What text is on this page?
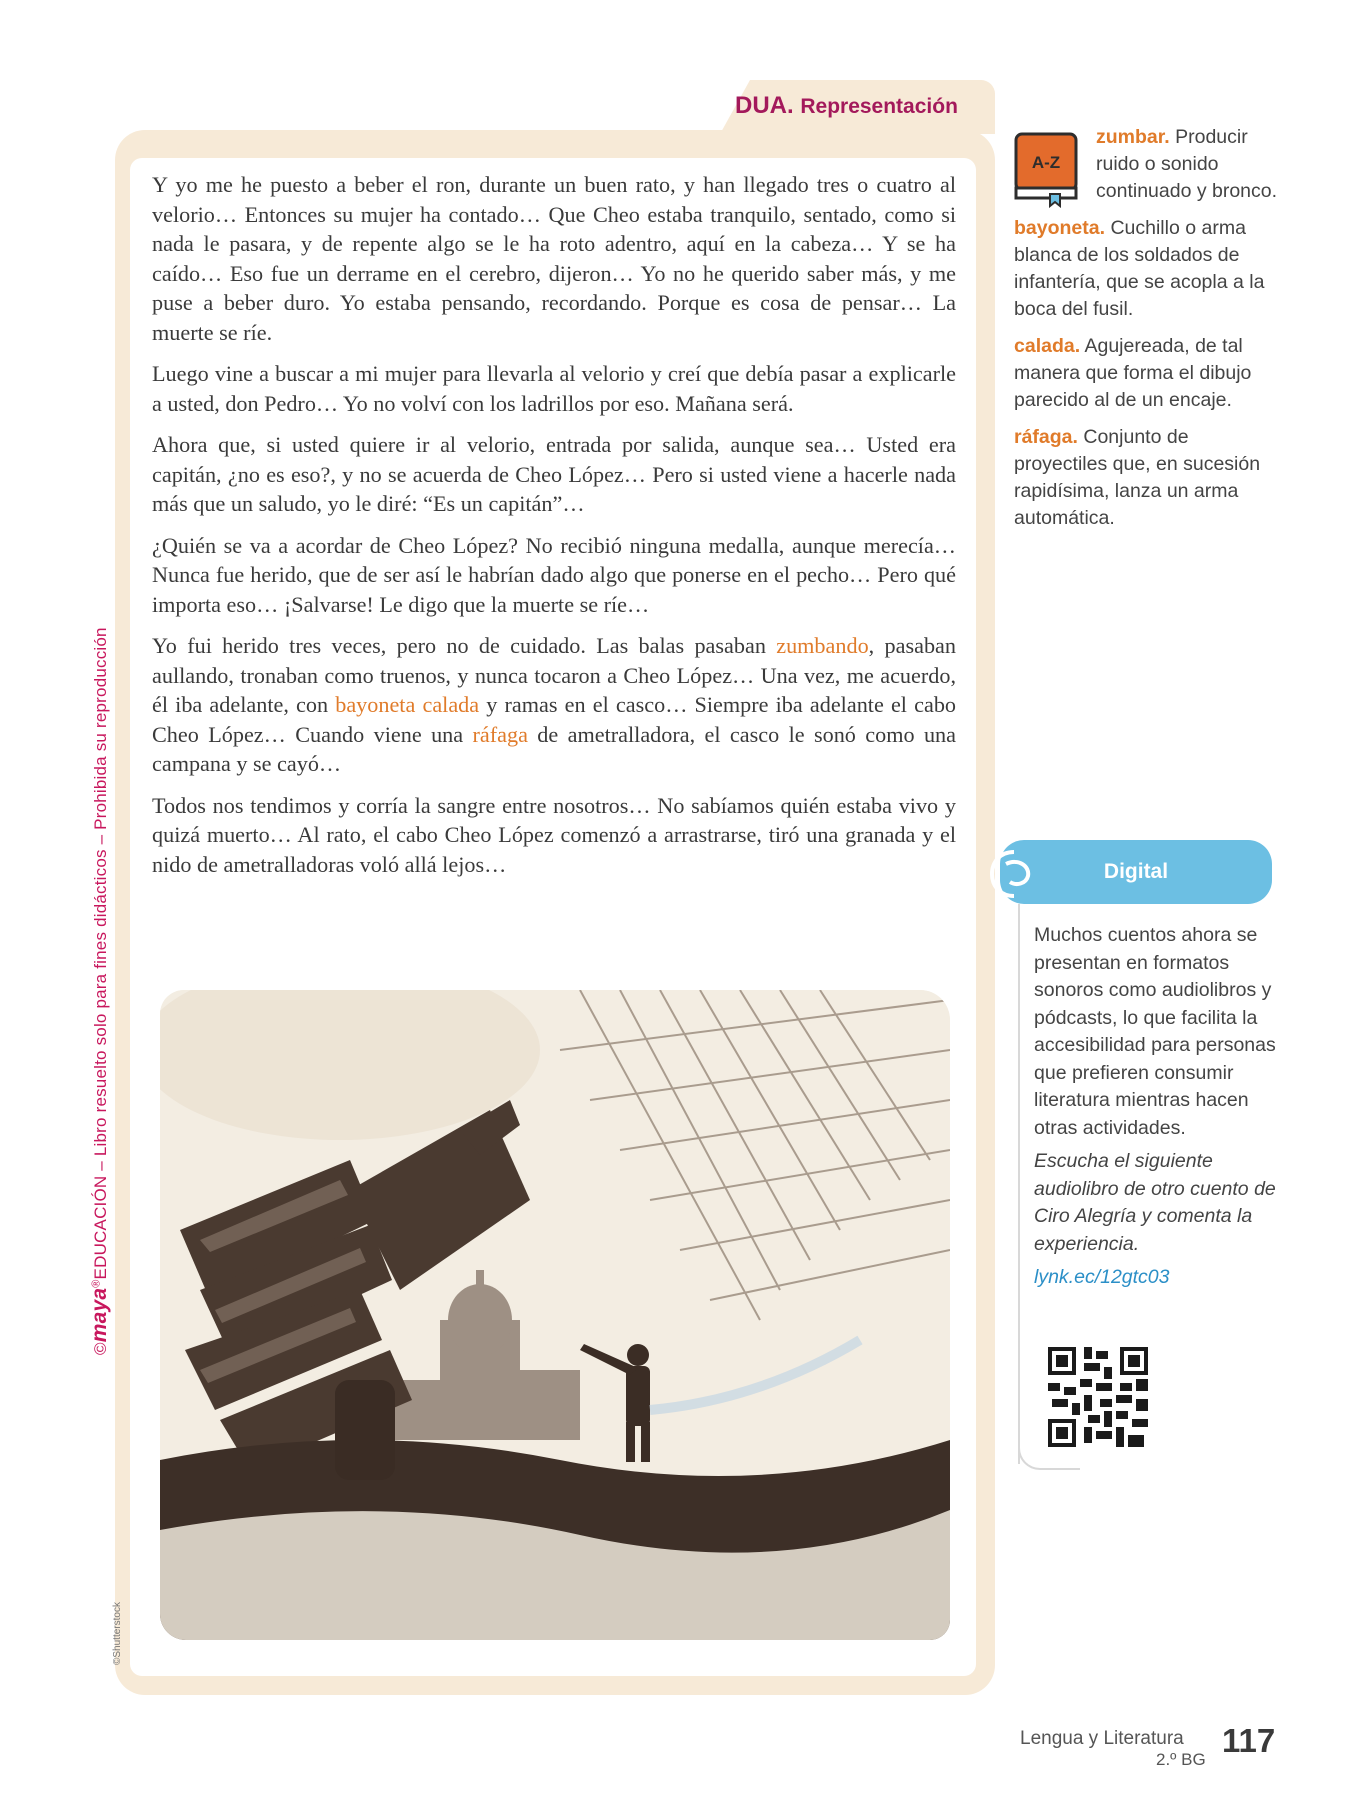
©maya®EDUCACIÓN – Libro resuelto solo para fines didácticos – Prohibida su reproducción
DUA. Representación

Y yo me he puesto a beber el ron, durante un buen rato, y han llegado tres o cuatro al velorio… Entonces su mujer ha contado… Que Cheo estaba tranquilo, sentado, como si nada le pasara, y de repente algo se le ha roto adentro, aquí en la cabeza… Y se ha caído… Eso fue un derrame en el cerebro, dijeron… Yo no he querido saber más, y me puse a beber duro. Yo estaba pensando, recordando. Porque es cosa de pensar… La muerte se ríe.

Luego vine a buscar a mi mujer para llevarla al velorio y creí que debía pasar a explicarle a usted, don Pedro… Yo no volví con los ladrillos por eso. Mañana será.

Ahora que, si usted quiere ir al velorio, entrada por salida, aunque sea… Usted era capitán, ¿no es eso?, y no se acuerda de Cheo López… Pero si usted viene a hacerle nada más que un saludo, yo le diré: “Es un capitán”…

¿Quién se va a acordar de Cheo López? No recibió ninguna medalla, aunque merecía… Nunca fue herido, que de ser así le habrían dado algo que ponerse en el pecho… Pero qué importa eso… ¡Salvarse! Le digo que la muerte se ríe…

Yo fui herido tres veces, pero no de cuidado. Las balas pasaban zumbando, pasaban aullando, tronaban como truenos, y nunca tocaron a Cheo López… Una vez, me acuerdo, él iba adelante, con bayoneta calada y ramas en el casco… Siempre iba adelante el cabo Cheo López… Cuando viene una ráfaga de ametralladora, el casco le sonó como una campana y se cayó…

Todos nos tendimos y corría la sangre entre nosotros… No sabíamos quién estaba vivo y quizá muerto… Al rato, el cabo Cheo López comenzó a arrastrarse, tiró una granada y el nido de ametralladoras voló allá lejos…

©Shutterstock
A-Z
zumbar. Producir ruido o sonido continuado y bronco.
bayoneta. Cuchillo o arma blanca de los soldados de infantería, que se acopla a la boca del fusil.
calada. Agujereada, de tal manera que forma el dibujo parecido al de un encaje.
ráfaga. Conjunto de proyectiles que, en sucesión rapidísima, lanza un arma automática.
Digital

Muchos cuentos ahora se presentan en formatos sonoros como audiolibros y pódcasts, lo que facilita la accesibilidad para personas que prefieren consumir literatura mientras hacen otras actividades.

Escucha el siguiente audiolibro de otro cuento de Ciro Alegría y comenta la experiencia.

lynk.ec/12gtc03

Lengua y Literatura
2.º BG
117
